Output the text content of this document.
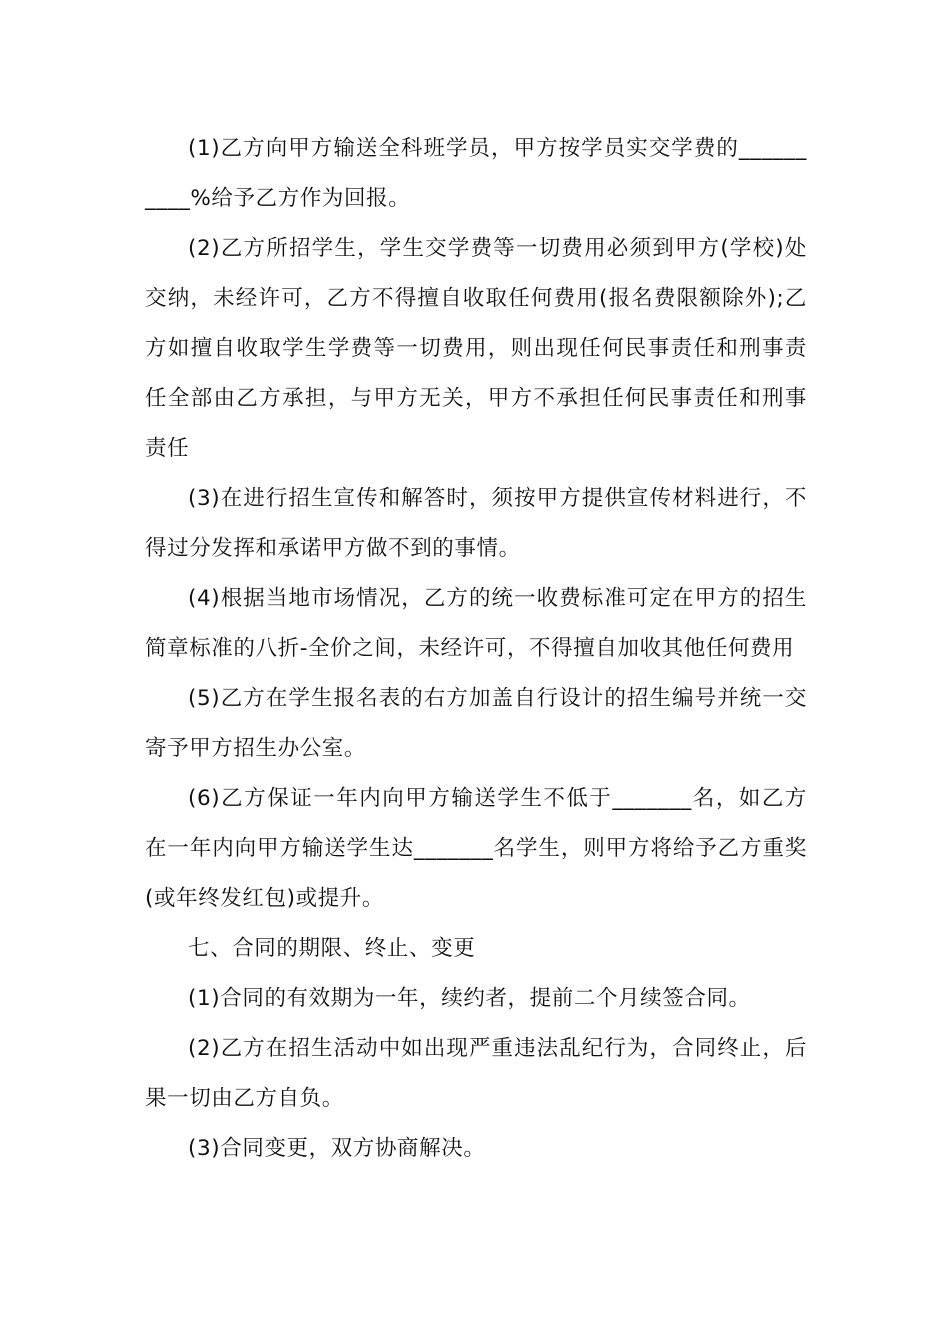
(1)乙方向甲方输送全科班学员，甲方按学员实交学费的__________%给予乙方作为回报。

(2)乙方所招学生，学生交学费等一切费用必须到甲方(学校)处交纳，未经许可，乙方不得擅自收取任何费用(报名费限额除外);乙方如擅自收取学生学费等一切费用，则出现任何民事责任和刑事责任全部由乙方承担，与甲方无关，甲方不承担任何民事责任和刑事责任

(3)在进行招生宣传和解答时，须按甲方提供宣传材料进行，不得过分发挥和承诺甲方做不到的事情。

(4)根据当地市场情况，乙方的统一收费标准可定在甲方的招生简章标准的八折-全价之间，未经许可，不得擅自加收其他任何费用

(5)乙方在学生报名表的右方加盖自行设计的招生编号并统一交寄予甲方招生办公室。

(6)乙方保证一年内向甲方输送学生不低于_______名，如乙方在一年内向甲方输送学生达_______名学生，则甲方将给予乙方重奖(或年终发红包)或提升。

七、合同的期限、终止、变更

(1)合同的有效期为一年，续约者，提前二个月续签合同。

(2)乙方在招生活动中如出现严重违法乱纪行为，合同终止，后果一切由乙方自负。

(3)合同变更，双方协商解决。
